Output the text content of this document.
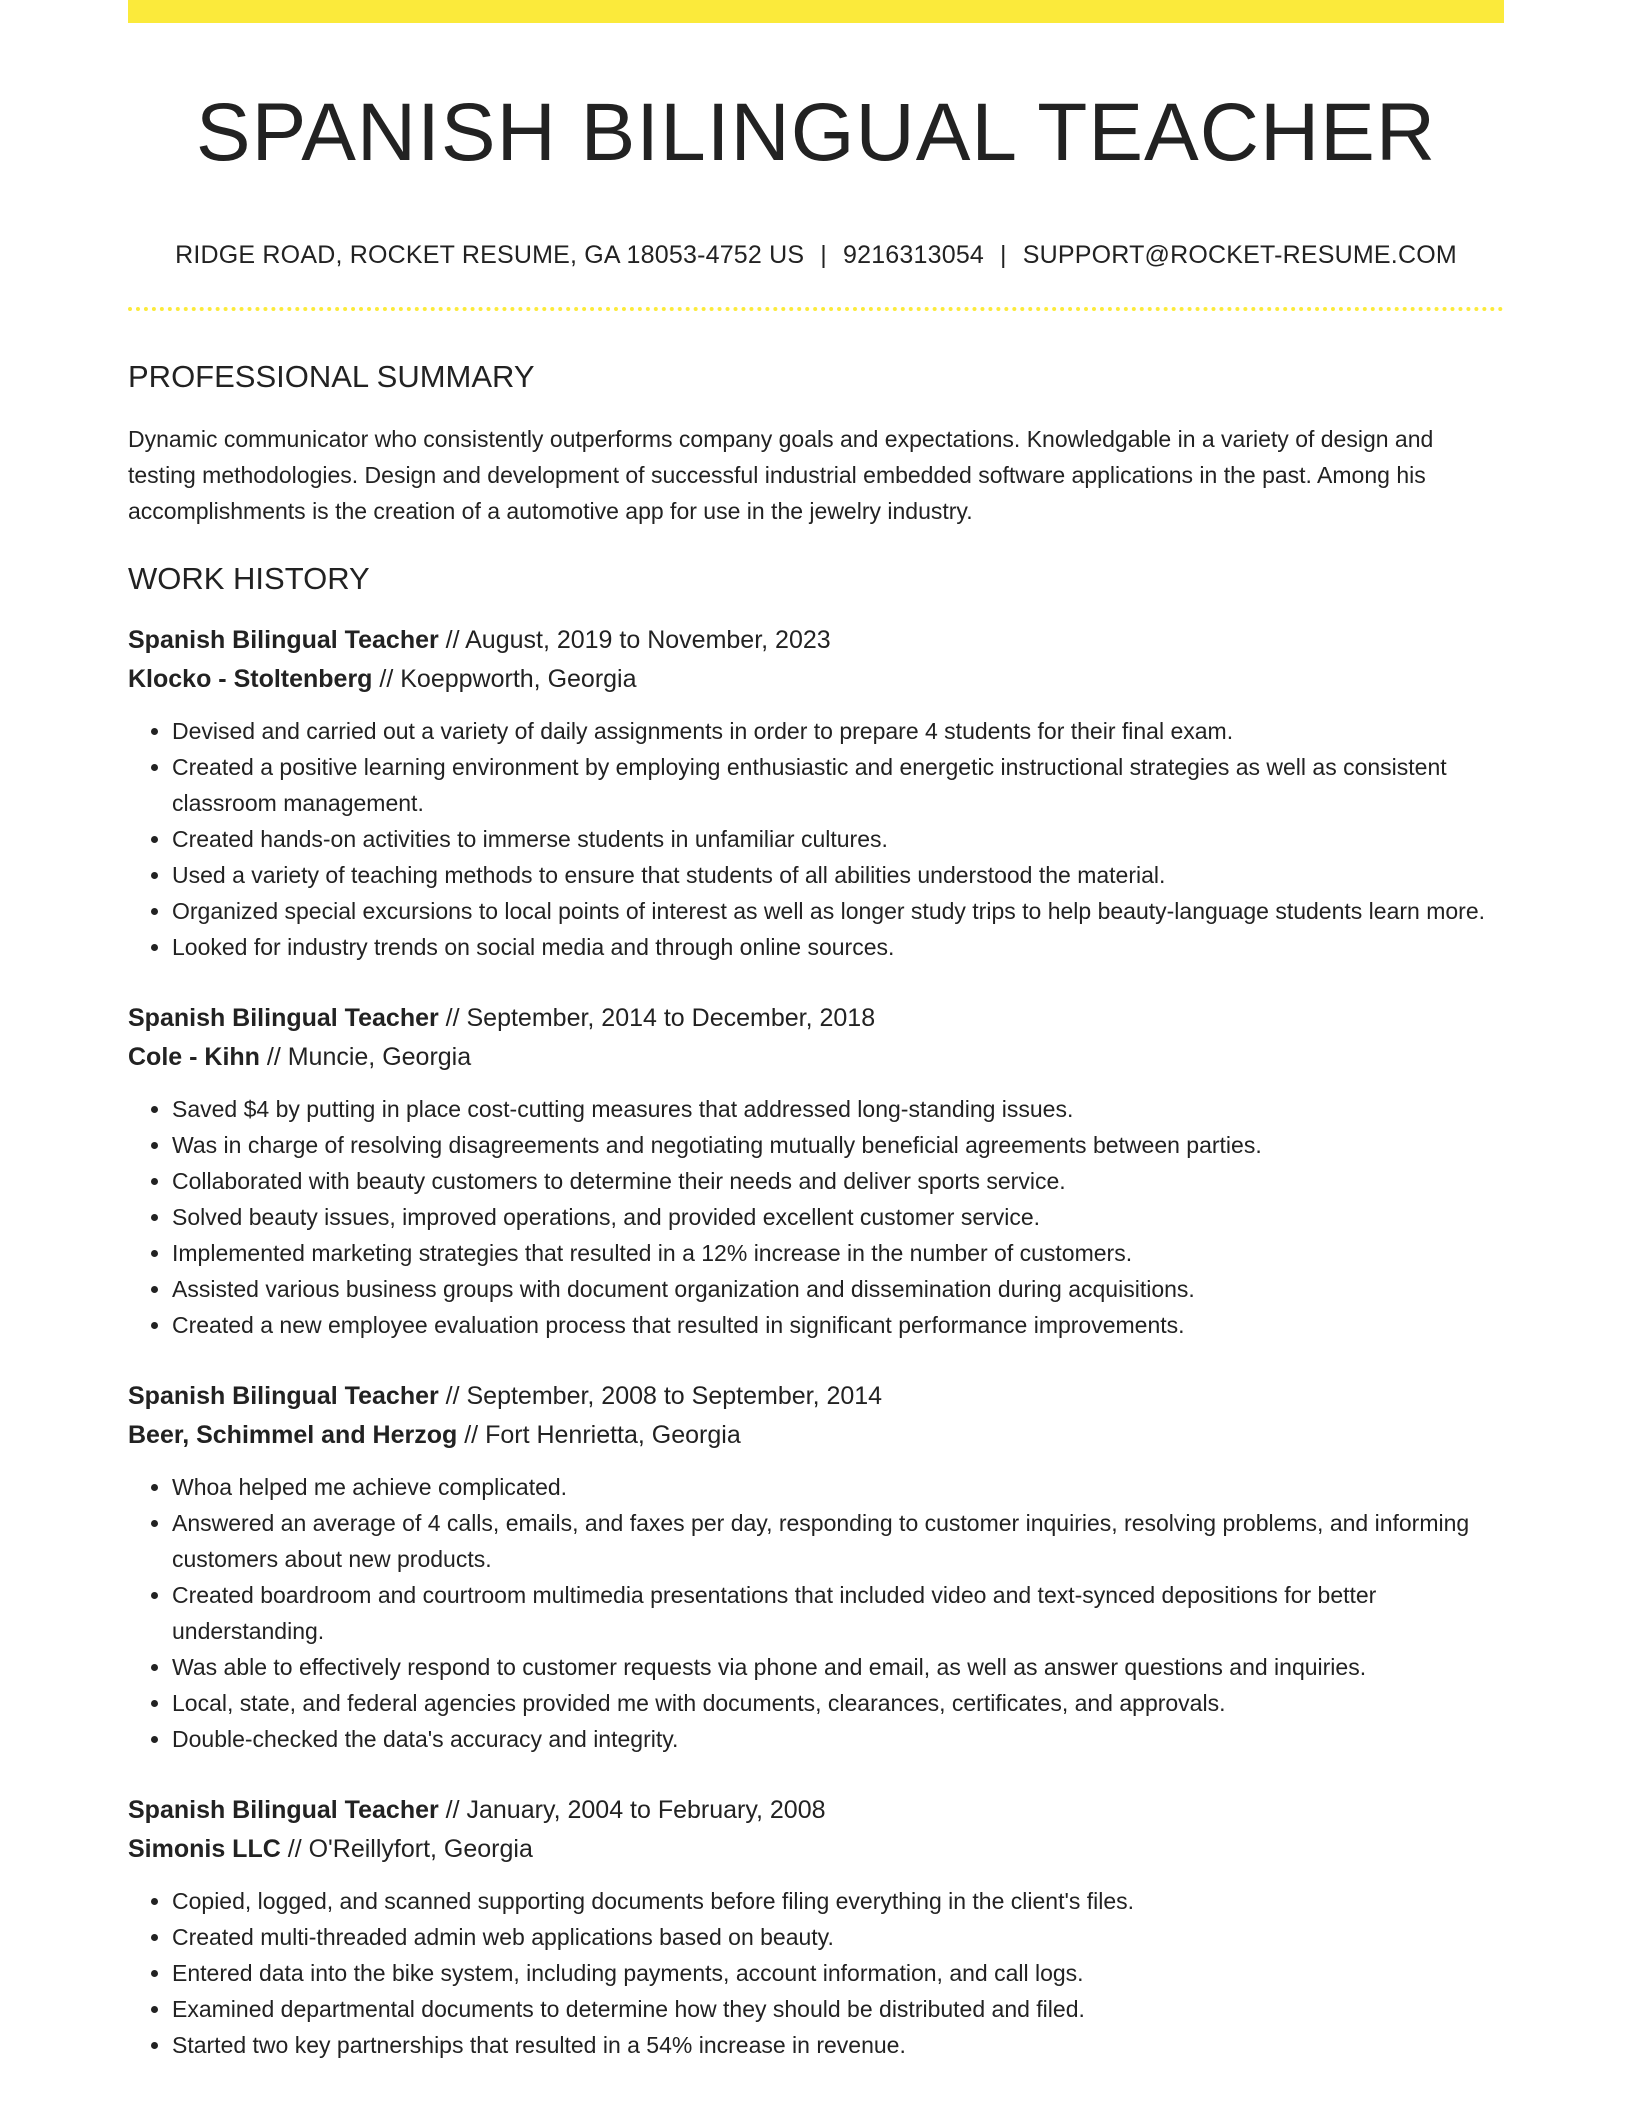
SPANISH BILINGUAL TEACHER
RIDGE ROAD, ROCKET RESUME, GA 18053-4752 US | 9216313054 | SUPPORT@ROCKET-RESUME.COM
PROFESSIONAL SUMMARY

Dynamic communicator who consistently outperforms company goals and expectations. Knowledgable in a variety of design and testing methodologies. Design and development of successful industrial embedded software applications in the past. Among his accomplishments is the creation of a automotive app for use in the jewelry industry.

WORK HISTORY
Spanish Bilingual Teacher // August, 2019 to November, 2023
Klocko - Stoltenberg // Koeppworth, Georgia
• Devised and carried out a variety of daily assignments in order to prepare 4 students for their final exam.
• Created a positive learning environment by employing enthusiastic and energetic instructional strategies as well as consistent classroom management.
• Created hands-on activities to immerse students in unfamiliar cultures.
• Used a variety of teaching methods to ensure that students of all abilities understood the material.
• Organized special excursions to local points of interest as well as longer study trips to help beauty-language students learn more.
• Looked for industry trends on social media and through online sources.
Spanish Bilingual Teacher // September, 2014 to December, 2018
Cole - Kihn // Muncie, Georgia
• Saved $4 by putting in place cost-cutting measures that addressed long-standing issues.
• Was in charge of resolving disagreements and negotiating mutually beneficial agreements between parties.
• Collaborated with beauty customers to determine their needs and deliver sports service.
• Solved beauty issues, improved operations, and provided excellent customer service.
• Implemented marketing strategies that resulted in a 12% increase in the number of customers.
• Assisted various business groups with document organization and dissemination during acquisitions.
• Created a new employee evaluation process that resulted in significant performance improvements.
Spanish Bilingual Teacher // September, 2008 to September, 2014
Beer, Schimmel and Herzog // Fort Henrietta, Georgia
• Whoa helped me achieve complicated.
• Answered an average of 4 calls, emails, and faxes per day, responding to customer inquiries, resolving problems, and informing customers about new products.
• Created boardroom and courtroom multimedia presentations that included video and text-synced depositions for better understanding.
• Was able to effectively respond to customer requests via phone and email, as well as answer questions and inquiries.
• Local, state, and federal agencies provided me with documents, clearances, certificates, and approvals.
• Double-checked the data's accuracy and integrity.
Spanish Bilingual Teacher // January, 2004 to February, 2008
Simonis LLC // O'Reillyfort, Georgia
• Copied, logged, and scanned supporting documents before filing everything in the client's files.
• Created multi-threaded admin web applications based on beauty.
• Entered data into the bike system, including payments, account information, and call logs.
• Examined departmental documents to determine how they should be distributed and filed.
• Started two key partnerships that resulted in a 54% increase in revenue.
